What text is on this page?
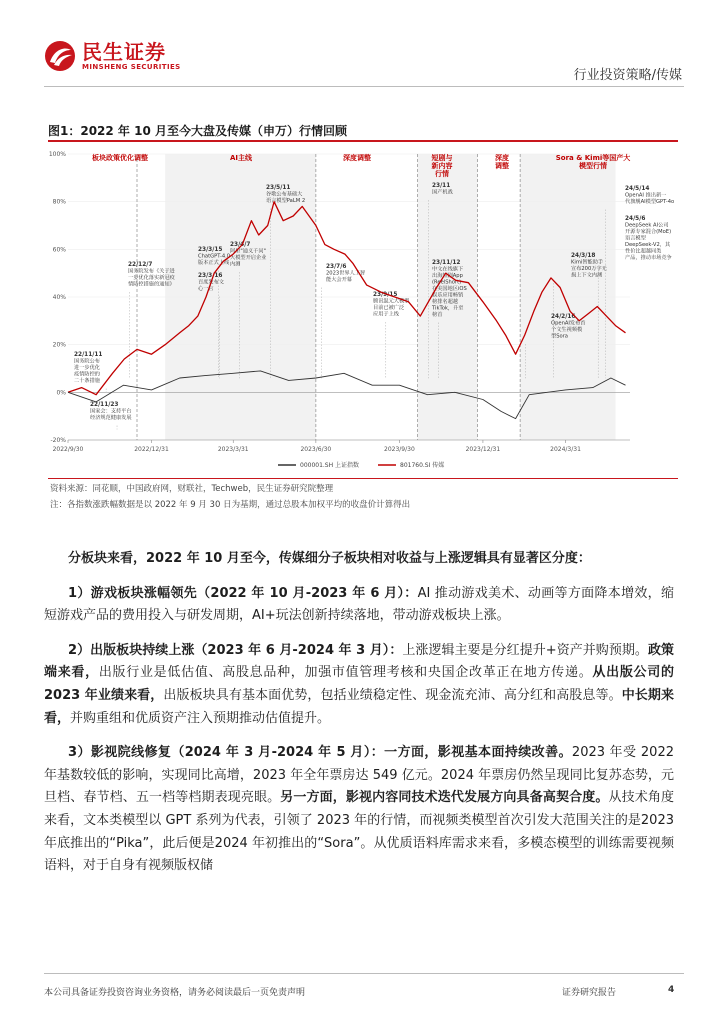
民生证券
MINSHENG SECURITIES
行业投资策略/传媒
图1：2022 年 10 月至今大盘及传媒（申万）行情回顾
22/11/11
国务院公布
进一步优化
疫情防控的
二十条措施
22/11/23
国家会：支持平台
经济规范健康发展
22/12/7
国务院发布《关于进
一步优化落实新冠疫
情防控措施的通知》
23/3/15
ChatGPT-4.0
版本正式上线
23/3/16
百度发布文
心一言
23/4/7
阿里"通义千问"
大模型开启企业
内测
23/5/11
谷歌公布基础大
语言模型PaLM 2
23/7/6
2023世界人工智
能大会开幕
23/9/15
腾讯混元大模型
目前已被广泛
应用于上线
23/11
国产机战
23/11/12
中文在线旗下
出海短剧App
(ReelShort)
在美国地区iOS
娱乐应用畅销
榜排名超越
TikTok，升至
榜首
24/3/18
Kimi智能助手
宣布200万字无
损上下文内测
24/2/16
OpenAI发布首
个文生视频模
型Sora
24/5/6
DeepSeek AI公司
开源专家混合(MoE)
语言模型
DeepSeek-V2，其
性价比超越同类
产品，推动市场竞争
24/5/14
OpenAI 推出新一
代旗舰AI模型GPT-4o
板块政策优化调整	AI主线	深度调整	短剧与
新内容
行情
深度
调整
Sora & Kimi等国产大
模型行情
100%
80%
60%
40%
20%
0%
-20%
2022/9/30	2022/12/31	2023/3/31	2023/6/30	2023/9/30	2023/12/31	2024/3/31
000001.SH 上证指数	801760.SI 传媒
资料来源：同花顺，中国政府网，财联社，Techweb，民生证券研究院整理
注：各指数涨跌幅数据是以 2022 年 9 月 30 日为基期，通过总股本加权平均的收盘价计算得出

分板块来看，2022 年 10 月至今，传媒细分子板块相对收益与上涨逻辑具有显著区分度：

1）游戏板块涨幅领先（2022 年 10 月-2023 年 6 月）：AI 推动游戏美术、动画等方面降本增效，缩短游戏产品的费用投入与研发周期，AI+玩法创新持续落地，带动游戏板块上涨。

2）出版板块持续上涨（2023 年 6 月-2024 年 3 月）：上涨逻辑主要是分红提升+资产并购预期。政策端来看，出版行业是低估值、高股息品种，加强市值管理考核和央国企改革正在地方传递。从出版公司的 2023 年业绩来看，出版板块具有基本面优势，包括业绩稳定性、现金流充沛、高分红和高股息等。中长期来看，并购重组和优质资产注入预期推动估值提升。

3）影视院线修复（2024 年 3 月-2024 年 5 月）：一方面，影视基本面持续改善。2023 年受 2022 年基数较低的影响，实现同比高增，2023 年全年票房达 549 亿元。2024 年票房仍然呈现同比复苏态势，元旦档、春节档、五一档等档期表现亮眼。另一方面，影视内容同技术迭代发展方向具备高契合度。从技术角度来看，文本类模型以 GPT 系列为代表，引领了 2023 年的行情，而视频类模型首次引发大范围关注的是2023 年底推出的“Pika”，此后便是2024 年初推出的“Sora”。从优质语料库需求来看，多模态模型的训练需要视频语料，对于自身有视频版权储

本公司具备证券投资咨询业务资格，请务必阅读最后一页免责声明	证券研究报告	4
